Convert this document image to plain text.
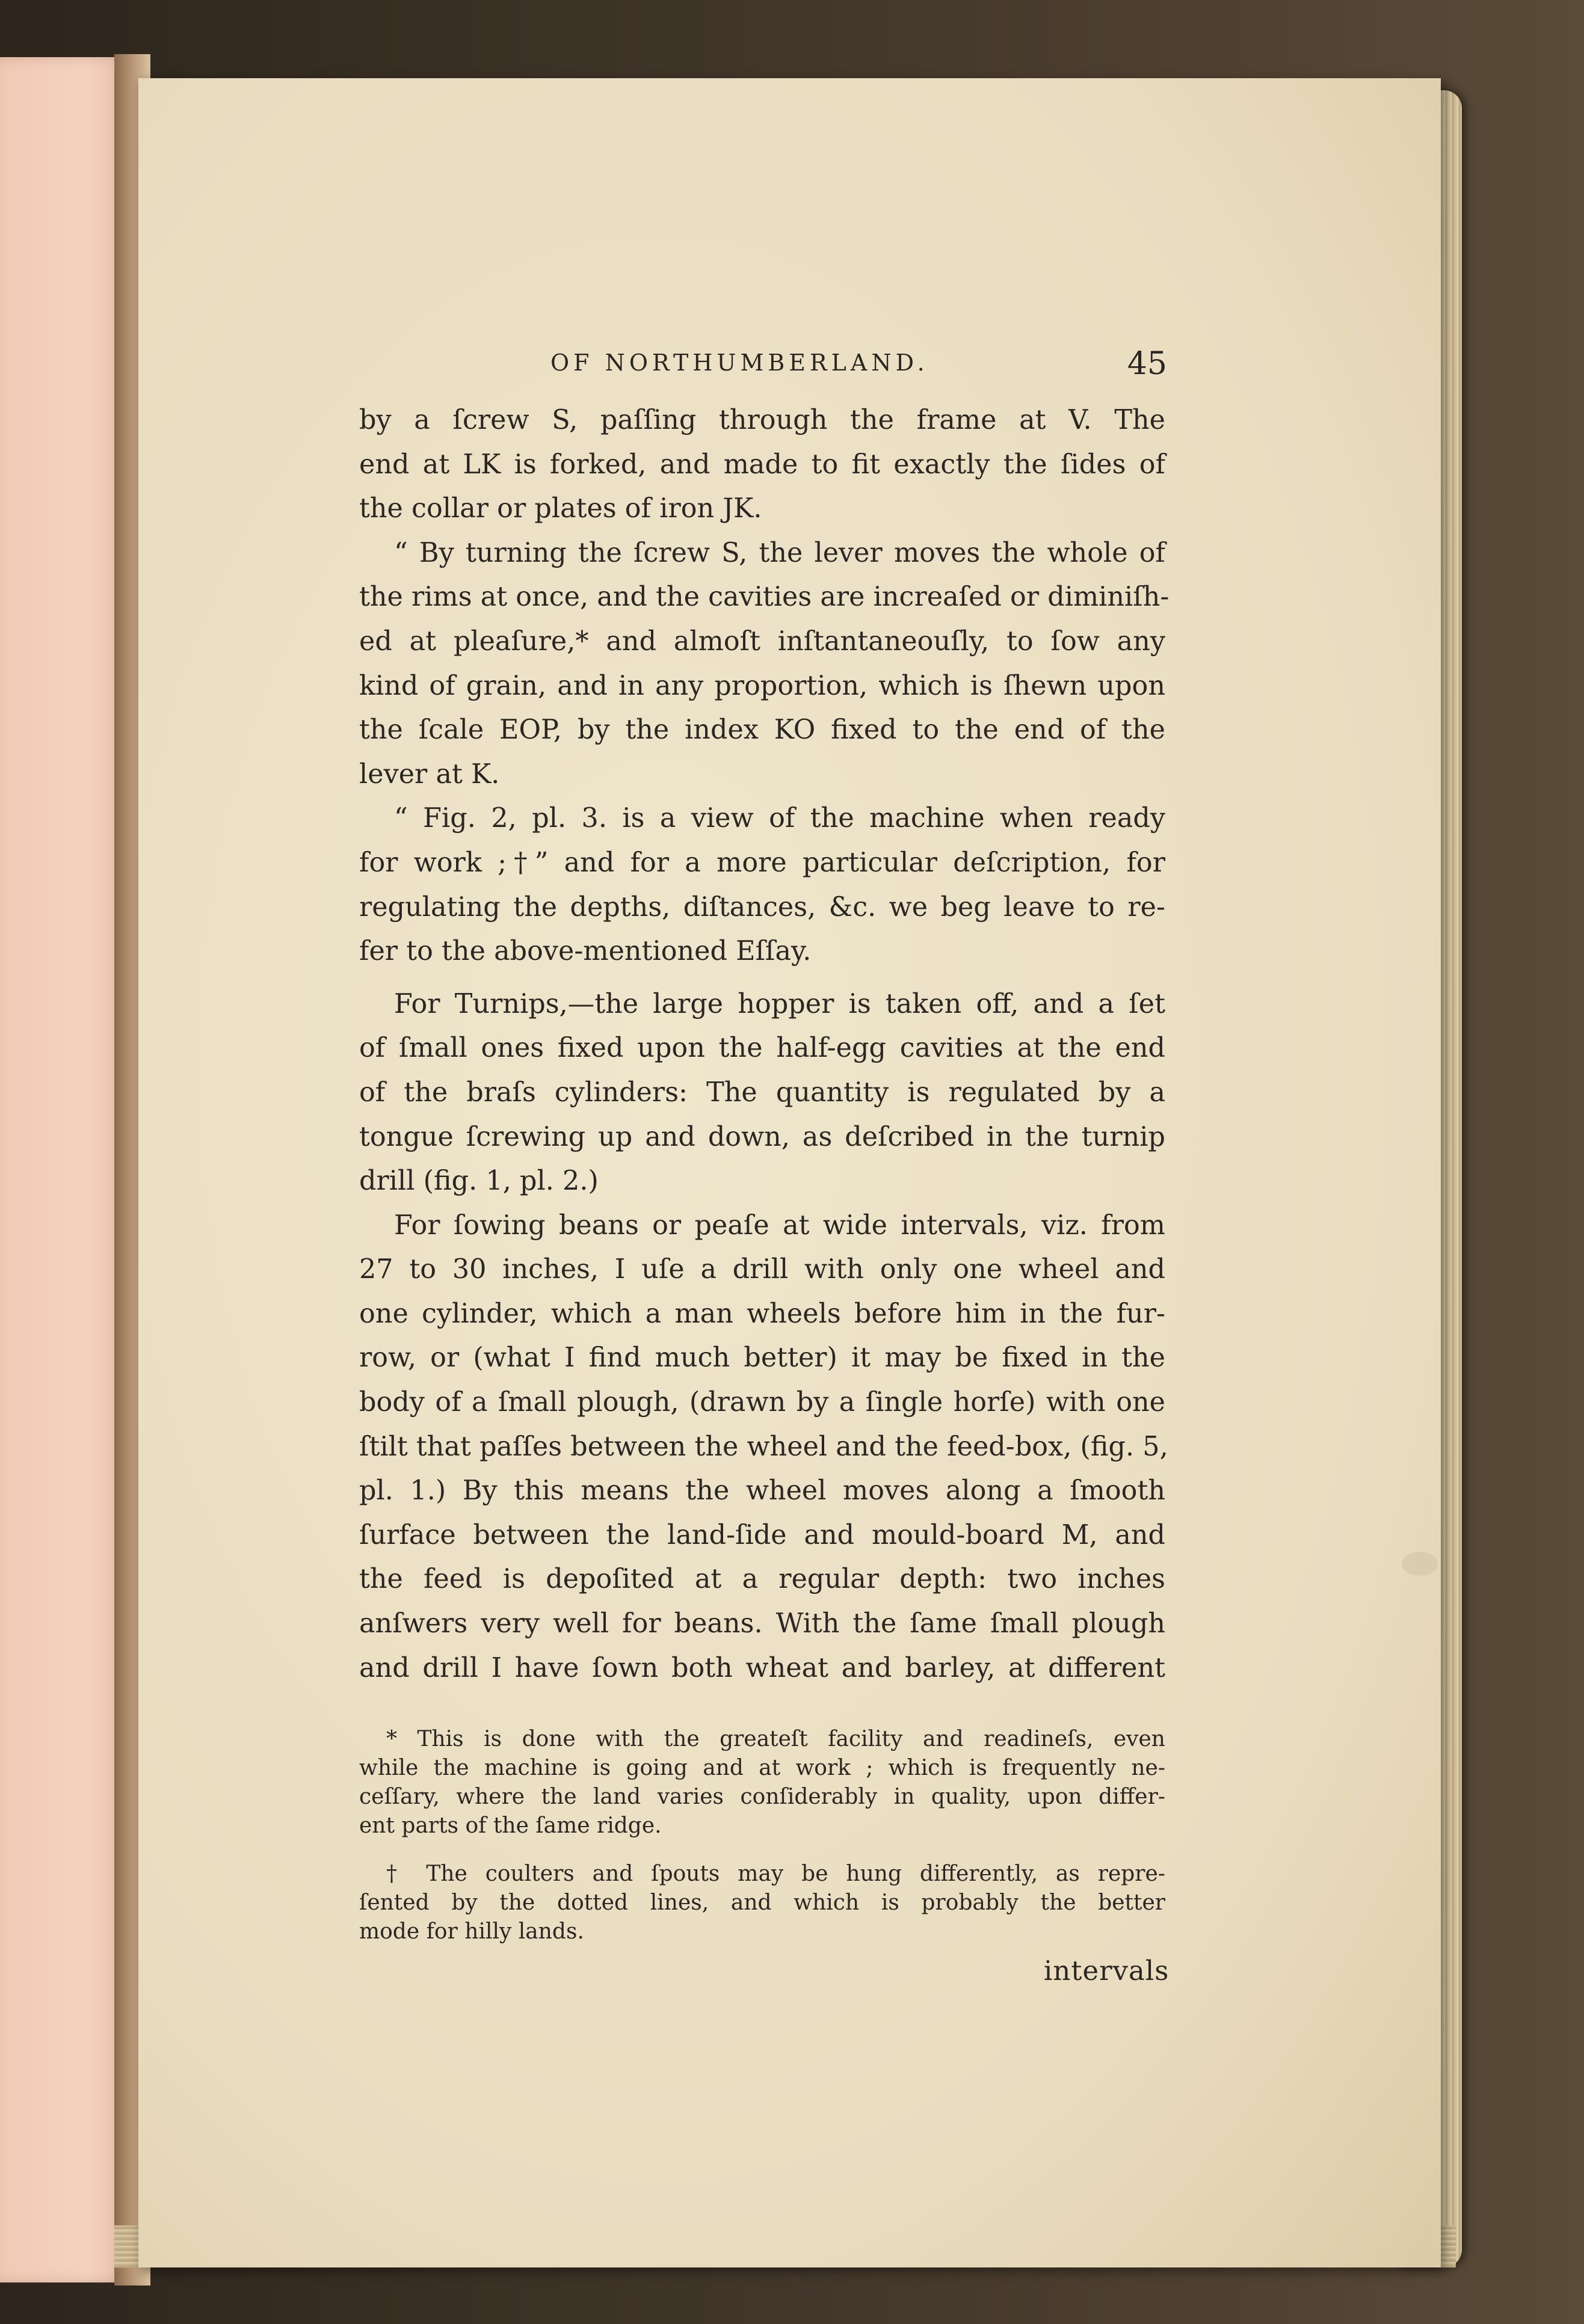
OF NORTHUMBERLAND.	45
by a ſcrew S, paſſing through the frame at V. The
end at LK is forked, and made to fit exactly the ſides of
the collar or plates of iron JK.
“ By turning the ſcrew S, the lever moves the whole of
the rims at once, and the cavities are increaſed or diminiſh-
ed at pleaſure,* and almoſt inſtantaneouſly, to ſow any
kind of grain, and in any proportion, which is ſhewn upon
the ſcale EOP, by the index KO fixed to the end of the
lever at K.
“ Fig. 2, pl. 3. is a view of the machine when ready
for work ;†” and for a more particular deſcription, for
regulating the depths, diſtances, &c. we beg leave to re-
fer to the above-mentioned Eſſay.
For Turnips,—the large hopper is taken off, and a ſet
of ſmall ones fixed upon the half-egg cavities at the end
of the braſs cylinders: The quantity is regulated by a
tongue ſcrewing up and down, as deſcribed in the turnip
drill (fig. 1, pl. 2.)
For ſowing beans or peaſe at wide intervals, viz. from
27 to 30 inches, I uſe a drill with only one wheel and
one cylinder, which a man wheels before him in the fur-
row, or (what I find much better) it may be fixed in the
body of a ſmall plough, (drawn by a ſingle horſe) with one
ſtilt that paſſes between the wheel and the feed-box, (fig. 5,
pl. 1.) By this means the wheel moves along a ſmooth
ſurface between the land-ſide and mould-board M, and
the feed is depoſited at a regular depth: two inches
anſwers very well for beans. With the ſame ſmall plough
and drill I have ſown both wheat and barley, at different
* This is done with the greateſt facility and readineſs, even
while the machine is going and at work ; which is frequently ne-
ceſſary, where the land varies conſiderably in quality, upon differ-
ent parts of the ſame ridge.
† The coulters and ſpouts may be hung differently, as repre-
ſented by the dotted lines, and which is probably the better
mode for hilly lands.
intervals
